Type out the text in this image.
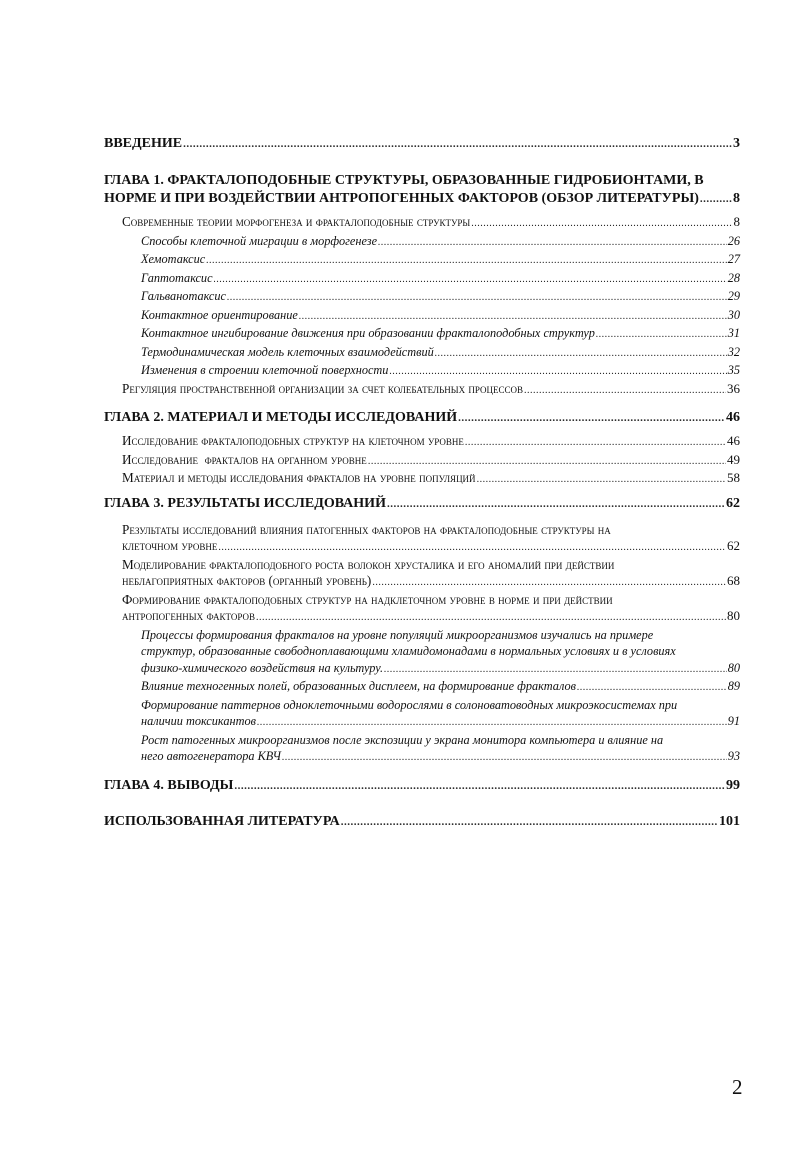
ВВЕДЕНИЕ .....	3
ГЛАВА 1. ФРАКТАЛОПОДОБНЫЕ СТРУКТУРЫ, ОБРАЗОВАННЫЕ ГИДРОБИОНТАМИ, В
НОРМЕ И ПРИ ВОЗДЕЙСТВИИ АНТРОПОГЕННЫХ ФАКТОРОВ (ОБЗОР ЛИТЕРАТУРЫ) ..... 8
Современные теории морфогенеза и фракталоподобные структуры .....	8
Способы клеточной миграции в морфогенезе .....	26
Хемотаксис .....	27
Гаптотаксис .....	28
Гальванотаксис .....	29
Контактное ориентирование .....	30
Контактное ингибирование движения при образовании фракталоподобных структур .....	31
Термодинамическая модель клеточных взаимодействий .....	32
Изменения в строении клеточной поверхности .....	35
Регуляция пространственной организации за счет колебательных процессов .....	36
ГЛАВА 2. МАТЕРИАЛ И МЕТОДЫ ИССЛЕДОВАНИЙ .....	46
Исследование фракталоподобных структур на клеточном уровне .....	46
Исследование  фракталов на органном уровне .....	49
Материал и методы исследования фракталов на уровне популяций .....	58
ГЛАВА 3. РЕЗУЛЬТАТЫ ИССЛЕДОВАНИЙ .....	62
Результаты исследований влияния патогенных факторов на фракталоподобные структуры на
клеточном уровне .....	62
Моделирование фракталоподобного роста волокон хрусталика и его аномалий при действии
неблагоприятных факторов (органный уровень) .....	68
Формирование фракталоподобных структур на надклеточном уровне в норме и при действии
антропогенных факторов .....	80
Процессы формирования фракталов на уровне популяций микроорганизмов изучались на примере
структур, образованные свободноплавающими хламидомонадами в нормальных условиях и в условиях
физико-химического воздействия на культуру. .....	80
Влияние техногенных полей, образованных дисплеем, на формирование фракталов .....	89
Формирование паттернов одноклеточными водорослями в солоноватоводных микроэкосистемах при
наличии токсикантов .....	91
Рост патогенных микроорганизмов после экспозиции у экрана монитора компьютера и влияние на
него автогенератора КВЧ .....	93
ГЛАВА 4. ВЫВОДЫ .....	99
ИСПОЛЬЗОВАННАЯ ЛИТЕРАТУРА .....	101
2
